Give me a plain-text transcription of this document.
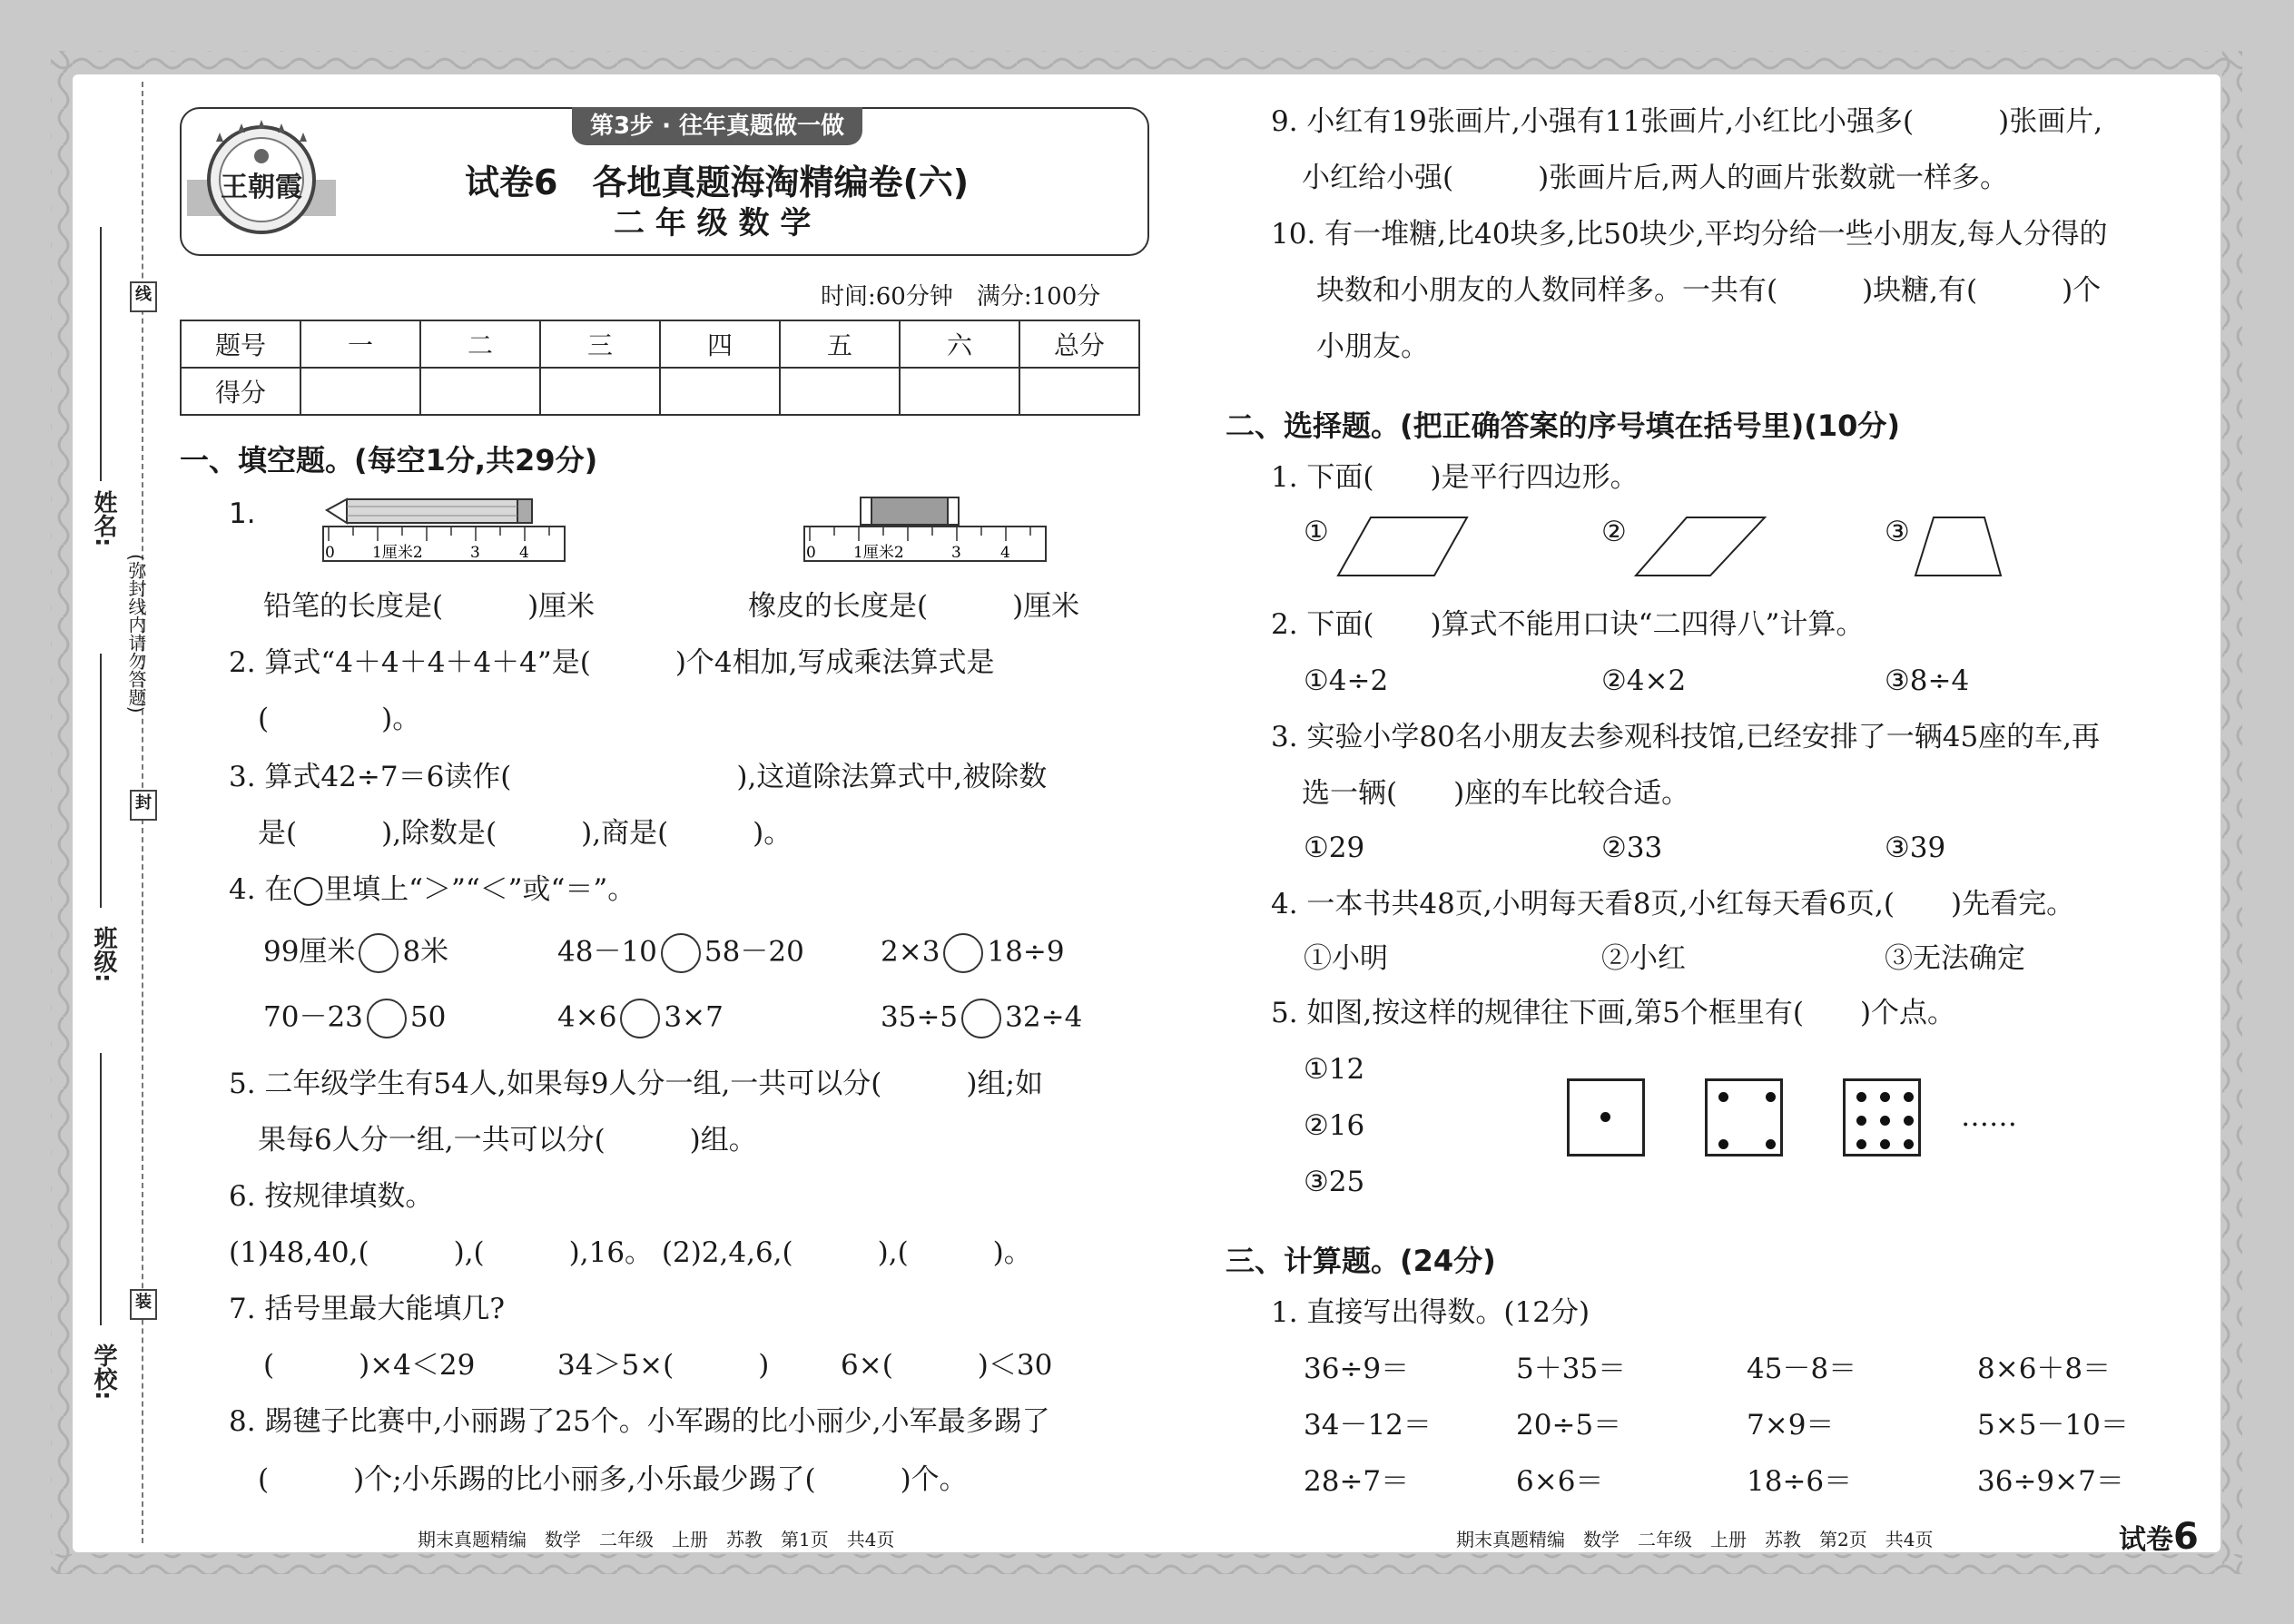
线
封
装
姓名:
班级:
学校:
(弥封线内请勿答题)
第3步 · 往年真题做一做
王朝霞	试卷6　各地真题海淘精编卷(六)
二 年 级 数 学
时间:60分钟　满分:100分
题号	一	二	三	四	五	六	总分
得分							
一、填空题。(每空1分,共29分)
1.
0 1厘米2	3	4	0 1厘米2	3	4
铅笔的长度是(　　　)厘米	橡皮的长度是(　　　)厘米
2. 算式“4＋4＋4＋4＋4”是(　　　)个4相加,写成乘法算式是
(　　　　)。
3. 算式42÷7＝6读作(　　　　　　　　),这道除法算式中,被除数
是(　　　),除数是(　　　),商是(　　　)。
4. 在◯里填上“＞”“＜”或“＝”。
99厘米 8米	48－10 58－20	2×3 18÷9
70－23 50	4×6 3×7	35÷5 32÷4
5. 二年级学生有54人,如果每9人分一组,一共可以分(　　　)组;如
果每6人分一组,一共可以分(　　　)组。
6. 按规律填数。
(1)48,40,(　　　),(　　　),16。 (2)2,4,6,(　　　),(　　　)。
7. 括号里最大能填几?
(　　　)×4＜29	34＞5×(　　　)	6×(　　　)＜30
8. 踢毽子比赛中,小丽踢了25个。小军踢的比小丽少,小军最多踢了
(　　　)个;小乐踢的比小丽多,小乐最少踢了(　　　)个。
期末真题精编　数学　二年级　上册　苏教　第1页　共4页
9. 小红有19张画片,小强有11张画片,小红比小强多(　　　)张画片,
小红给小强(　　　)张画片后,两人的画片张数就一样多。
10. 有一堆糖,比40块多,比50块少,平均分给一些小朋友,每人分得的
块数和小朋友的人数同样多。一共有(　　　)块糖,有(　　　)个
小朋友。
二、选择题。(把正确答案的序号填在括号里)(10分)
1. 下面(　　)是平行四边形。
①	②	③
2. 下面(　　)算式不能用口诀“二四得八”计算。
①4÷2	②4×2	③8÷4
3. 实验小学80名小朋友去参观科技馆,已经安排了一辆45座的车,再
选一辆(　　)座的车比较合适。
①29	②33	③39
4. 一本书共48页,小明每天看8页,小红每天看6页,(　　)先看完。
①小明	②小红	③无法确定
5. 如图,按这样的规律往下画,第5个框里有(　　)个点。
①12
②16
③25
……
三、计算题。(24分)
1. 直接写出得数。(12分)
36÷9＝	5＋35＝	45－8＝	8×6＋8＝
34－12＝	20÷5＝	7×9＝	5×5－10＝
28÷7＝	6×6＝	18÷6＝	36÷9×7＝
期末真题精编　数学　二年级　上册　苏教　第2页　共4页	试卷6
